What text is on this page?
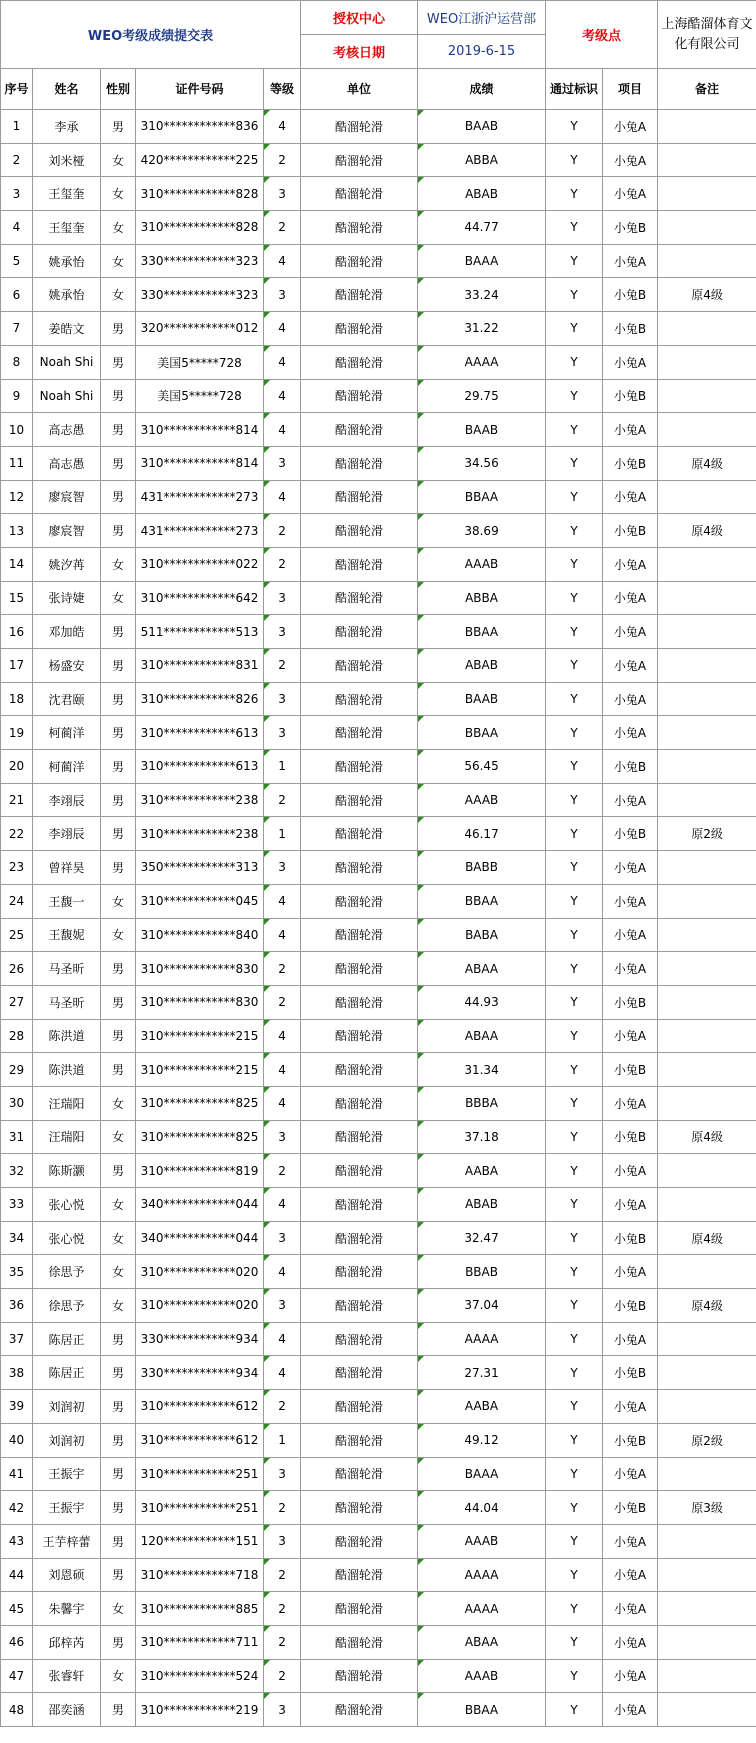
WEO考级成绩提交表					授权中心	WEO江浙沪运营部	考级点		上海酷溜体育文化有限公司
					考核日期	2019-6-15			
序号	姓名	性别	证件号码	等级	单位	成绩	通过标识	项目	备注
1	李承	男	310************836	4	酷溜轮滑	BAAB	Y	小兔A	
2	刘米桠	女	420************225	2	酷溜轮滑	ABBA	Y	小兔A	
3	王玺奎	女	310************828	3	酷溜轮滑	ABAB	Y	小兔A	
4	王玺奎	女	310************828	2	酷溜轮滑	44.77	Y	小兔B	
5	姚承怡	女	330************323	4	酷溜轮滑	BAAA	Y	小兔A	
6	姚承怡	女	330************323	3	酷溜轮滑	33.24	Y	小兔B	原4级
7	姜皓文	男	320************012	4	酷溜轮滑	31.22	Y	小兔B	
8	Noah Shi	男	美国5*****728	4	酷溜轮滑	AAAA	Y	小兔A	
9	Noah Shi	男	美国5*****728	4	酷溜轮滑	29.75	Y	小兔B	
10	高志愚	男	310************814	4	酷溜轮滑	BAAB	Y	小兔A	
11	高志愚	男	310************814	3	酷溜轮滑	34.56	Y	小兔B	原4级
12	廖宸智	男	431************273	4	酷溜轮滑	BBAA	Y	小兔A	
13	廖宸智	男	431************273	2	酷溜轮滑	38.69	Y	小兔B	原4级
14	姚汐苒	女	310************022	2	酷溜轮滑	AAAB	Y	小兔A	
15	张诗婕	女	310************642	3	酷溜轮滑	ABBA	Y	小兔A	
16	邓加皓	男	511************513	3	酷溜轮滑	BBAA	Y	小兔A	
17	杨盛安	男	310************831	2	酷溜轮滑	ABAB	Y	小兔A	
18	沈君颐	男	310************826	3	酷溜轮滑	BAAB	Y	小兔A	
19	柯蔺洋	男	310************613	3	酷溜轮滑	BBAA	Y	小兔A	
20	柯蔺洋	男	310************613	1	酷溜轮滑	56.45	Y	小兔B	
21	李翊辰	男	310************238	2	酷溜轮滑	AAAB	Y	小兔A	
22	李翊辰	男	310************238	1	酷溜轮滑	46.17	Y	小兔B	原2级
23	曾祥昊	男	350************313	3	酷溜轮滑	BABB	Y	小兔A	
24	王馥一	女	310************045	4	酷溜轮滑	BBAA	Y	小兔A	
25	王馥妮	女	310************840	4	酷溜轮滑	BABA	Y	小兔A	
26	马圣昕	男	310************830	2	酷溜轮滑	ABAA	Y	小兔A	
27	马圣昕	男	310************830	2	酷溜轮滑	44.93	Y	小兔B	
28	陈洪道	男	310************215	4	酷溜轮滑	ABAA	Y	小兔A	
29	陈洪道	男	310************215	4	酷溜轮滑	31.34	Y	小兔B	
30	汪瑞阳	女	310************825	4	酷溜轮滑	BBBA	Y	小兔A	
31	汪瑞阳	女	310************825	3	酷溜轮滑	37.18	Y	小兔B	原4级
32	陈斯灏	男	310************819	2	酷溜轮滑	AABA	Y	小兔A	
33	张心悦	女	340************044	4	酷溜轮滑	ABAB	Y	小兔A	
34	张心悦	女	340************044	3	酷溜轮滑	32.47	Y	小兔B	原4级
35	徐思予	女	310************020	4	酷溜轮滑	BBAB	Y	小兔A	
36	徐思予	女	310************020	3	酷溜轮滑	37.04	Y	小兔B	原4级
37	陈居正	男	330************934	4	酷溜轮滑	AAAA	Y	小兔A	
38	陈居正	男	330************934	4	酷溜轮滑	27.31	Y	小兔B	
39	刘润初	男	310************612	2	酷溜轮滑	AABA	Y	小兔A	
40	刘润初	男	310************612	1	酷溜轮滑	49.12	Y	小兔B	原2级
41	王振宇	男	310************251	3	酷溜轮滑	BAAA	Y	小兔A	
42	王振宇	男	310************251	2	酷溜轮滑	44.04	Y	小兔B	原3级
43	王芋梓蕾	男	120************151	3	酷溜轮滑	AAAB	Y	小兔A	
44	刘恩硕	男	310************718	2	酷溜轮滑	AAAA	Y	小兔A	
45	朱馨宇	女	310************885	2	酷溜轮滑	AAAA	Y	小兔A	
46	邱梓芮	男	310************711	2	酷溜轮滑	ABAA	Y	小兔A	
47	张睿轩	女	310************524	2	酷溜轮滑	AAAB	Y	小兔A	
48	邵奕涵	男	310************219	3	酷溜轮滑	BBAA	Y	小兔A	
